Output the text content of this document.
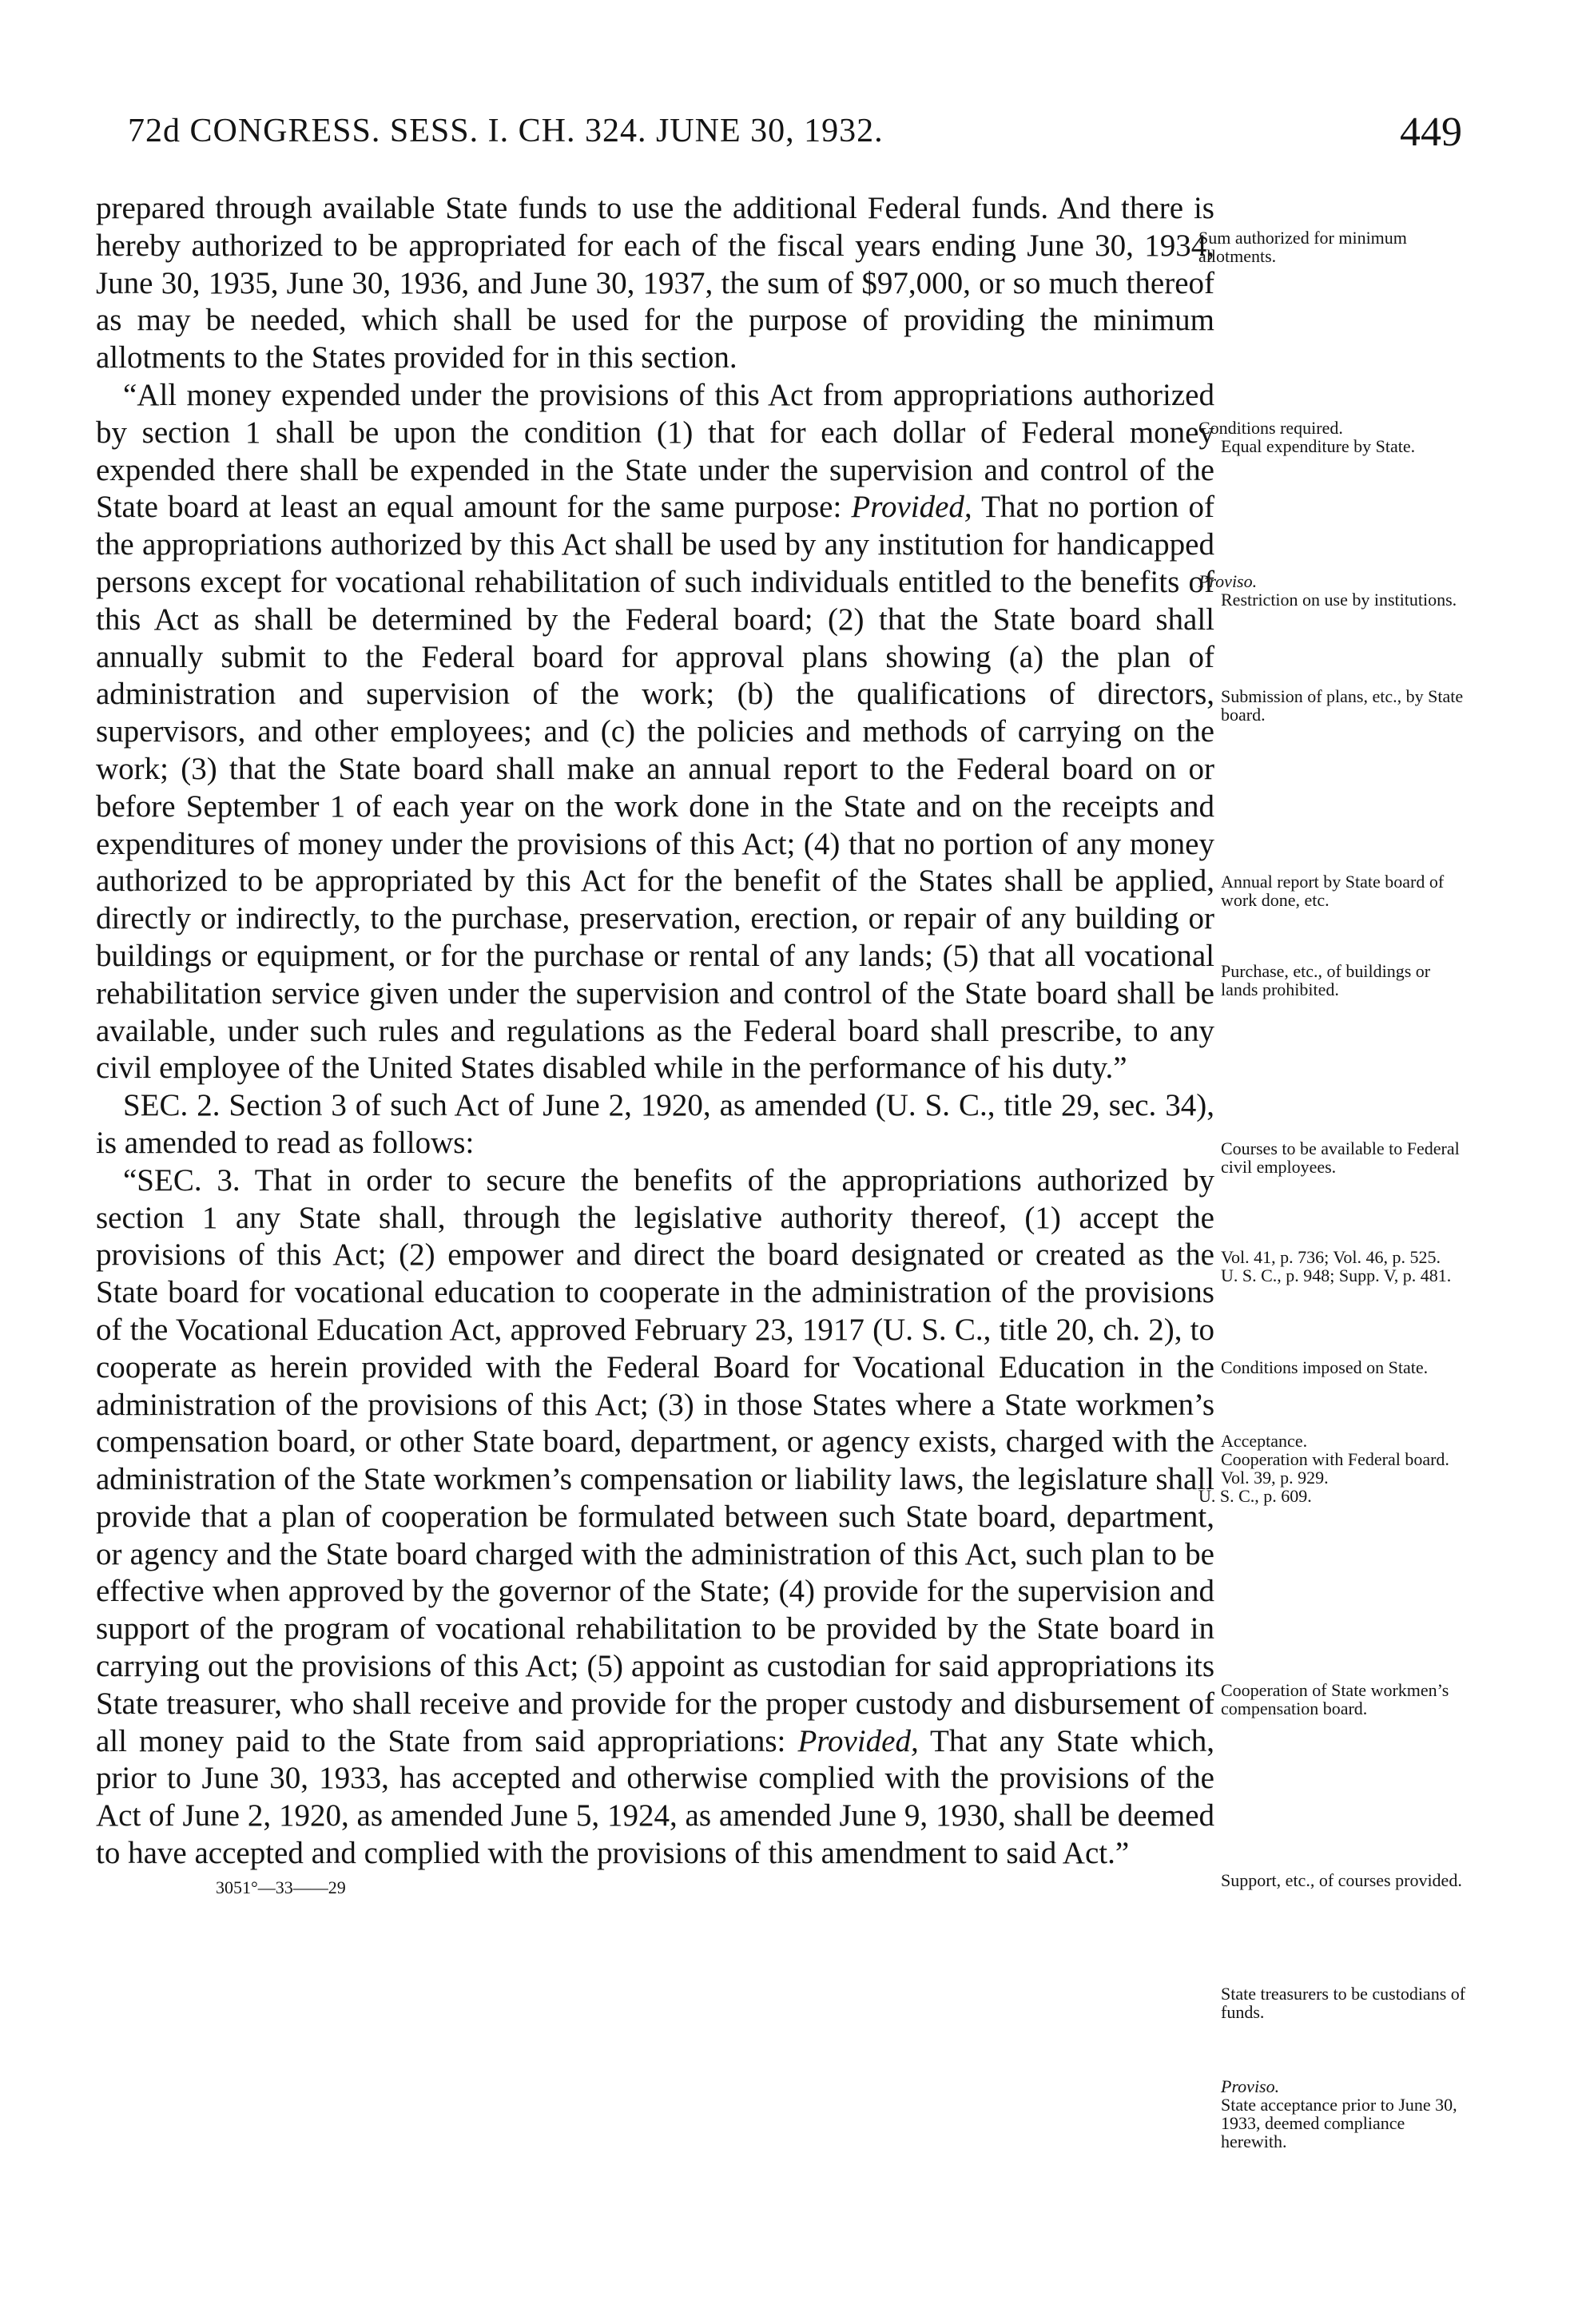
72d CONGRESS. SESS. I. CH. 324. JUNE 30, 1932.	449

prepared through available State funds to use the additional Federal funds. And there is hereby authorized to be appropriated for each of the fiscal years ending June 30, 1934, June 30, 1935, June 30, 1936, and June 30, 1937, the sum of $97,000, or so much thereof as may be needed, which shall be used for the purpose of providing the minimum allotments to the States provided for in this section.

“All money expended under the provisions of this Act from appropriations authorized by section 1 shall be upon the condition (1) that for each dollar of Federal money expended there shall be expended in the State under the supervision and control of the State board at least an equal amount for the same purpose: Provided, That no portion of the appropriations authorized by this Act shall be used by any institution for handicapped persons except for vocational rehabilitation of such individuals entitled to the benefits of this Act as shall be determined by the Federal board; (2) that the State board shall annually submit to the Federal board for approval plans showing (a) the plan of administration and supervision of the work; (b) the qualifications of directors, supervisors, and other employees; and (c) the policies and methods of carrying on the work; (3) that the State board shall make an annual report to the Federal board on or before September 1 of each year on the work done in the State and on the receipts and expenditures of money under the provisions of this Act; (4) that no portion of any money authorized to be appropriated by this Act for the benefit of the States shall be applied, directly or indirectly, to the purchase, preservation, erection, or repair of any building or buildings or equipment, or for the purchase or rental of any lands; (5) that all vocational rehabilitation service given under the supervision and control of the State board shall be available, under such rules and regulations as the Federal board shall prescribe, to any civil employee of the United States disabled while in the performance of his duty.”

SEC. 2. Section 3 of such Act of June 2, 1920, as amended (U. S. C., title 29, sec. 34), is amended to read as follows:

“SEC. 3. That in order to secure the benefits of the appropriations authorized by section 1 any State shall, through the legislative authority thereof, (1) accept the provisions of this Act; (2) empower and direct the board designated or created as the State board for vocational education to cooperate in the administration of the provisions of the Vocational Education Act, approved February 23, 1917 (U. S. C., title 20, ch. 2), to cooperate as herein provided with the Federal Board for Vocational Education in the administration of the provisions of this Act; (3) in those States where a State workmen’s compensation board, or other State board, department, or agency exists, charged with the administration of the State workmen’s compensation or liability laws, the legislature shall provide that a plan of cooperation be formulated between such State board, department, or agency and the State board charged with the administration of this Act, such plan to be effective when approved by the governor of the State; (4) provide for the supervision and support of the program of vocational rehabilitation to be provided by the State board in carrying out the provisions of this Act; (5) appoint as custodian for said appropriations its State treasurer, who shall receive and provide for the proper custody and disbursement of all money paid to the State from said appropriations: Provided, That any State which, prior to June 30, 1933, has accepted and otherwise complied with the provisions of the Act of June 2, 1920, as amended June 5, 1924, as amended June 9, 1930, shall be deemed to have accepted and complied with the provisions of this amendment to said Act.”

3051°—33——29

Sum authorized for minimum allotments.
Conditions required.
Equal expenditure by State.
Proviso.
Restriction on use by institutions.
Submission of plans, etc., by State board.
Annual report by State board of work done, etc.
Purchase, etc., of buildings or lands prohibited.
Courses to be available to Federal civil employees.
Vol. 41, p. 736; Vol. 46, p. 525.
U. S. C., p. 948; Supp. V, p. 481.
Conditions imposed on State.
Acceptance.
Cooperation with Federal board.
Vol. 39, p. 929.
U. S. C., p. 609.
Cooperation of State workmen’s compensation board.
Support, etc., of courses provided.
State treasurers to be custodians of funds.
Proviso.
State acceptance prior to June 30, 1933, deemed compliance herewith.
